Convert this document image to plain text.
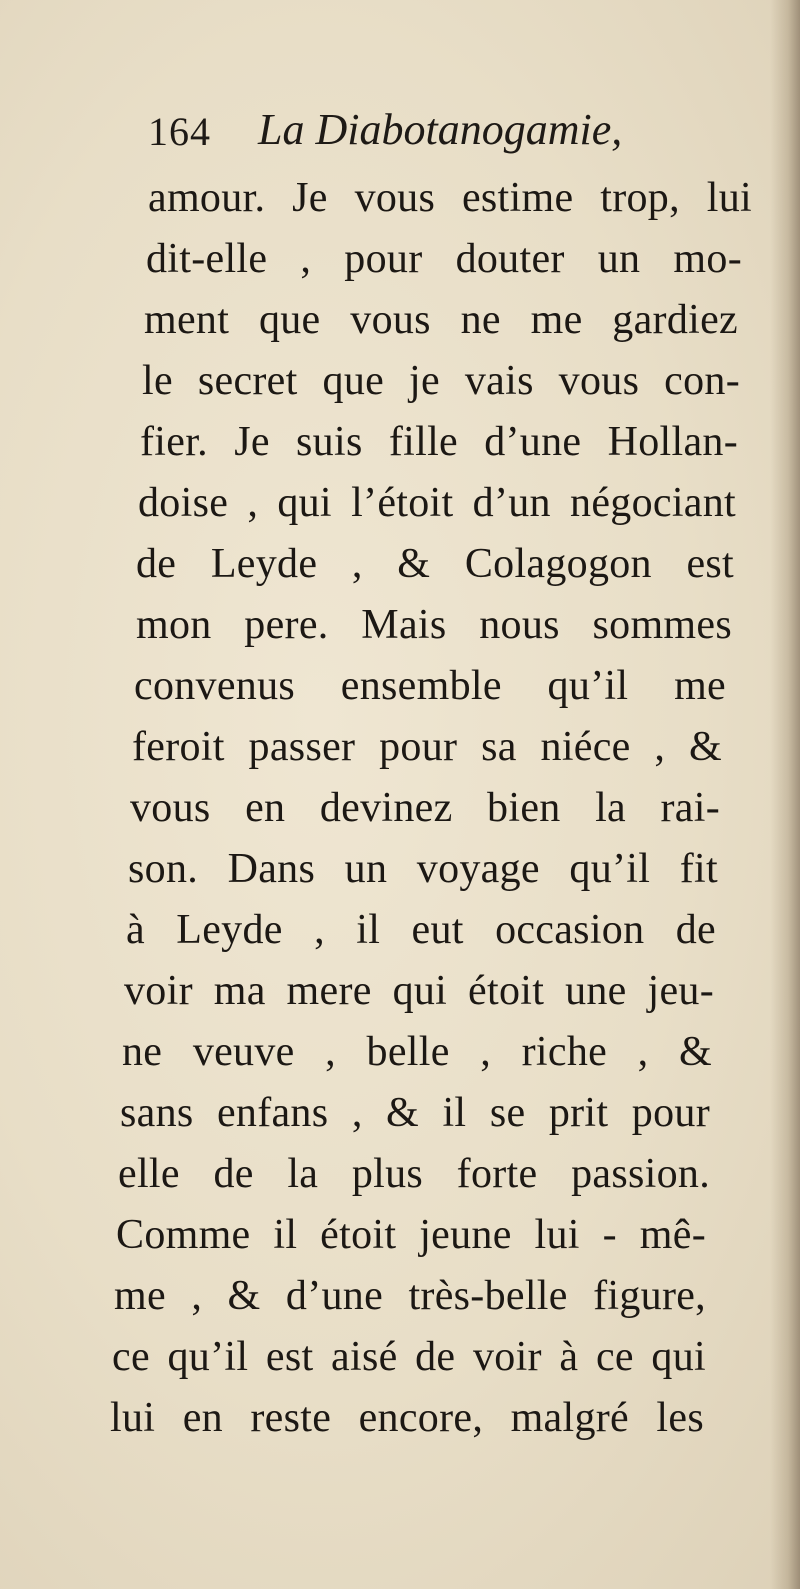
164 La Diabotanogamie,
amour. Je vous estime trop, lui
dit-elle , pour douter un mo-
ment que vous ne me gardiez
le secret que je vais vous con-
fier. Je suis fille d’une Hollan-
doise , qui l’étoit d’un négociant
de Leyde , & Colagogon est
mon pere. Mais nous sommes
convenus ensemble qu’il me
feroit passer pour sa niéce , &
vous en devinez bien la rai-
son. Dans un voyage qu’il fit
à Leyde , il eut occasion de
voir ma mere qui étoit une jeu-
ne veuve , belle , riche , &
sans enfans , & il se prit pour
elle de la plus forte passion.
Comme il étoit jeune lui - mê-
me , & d’une très-belle figure,
ce qu’il est aisé de voir à ce qui
lui en reste encore, malgré les
